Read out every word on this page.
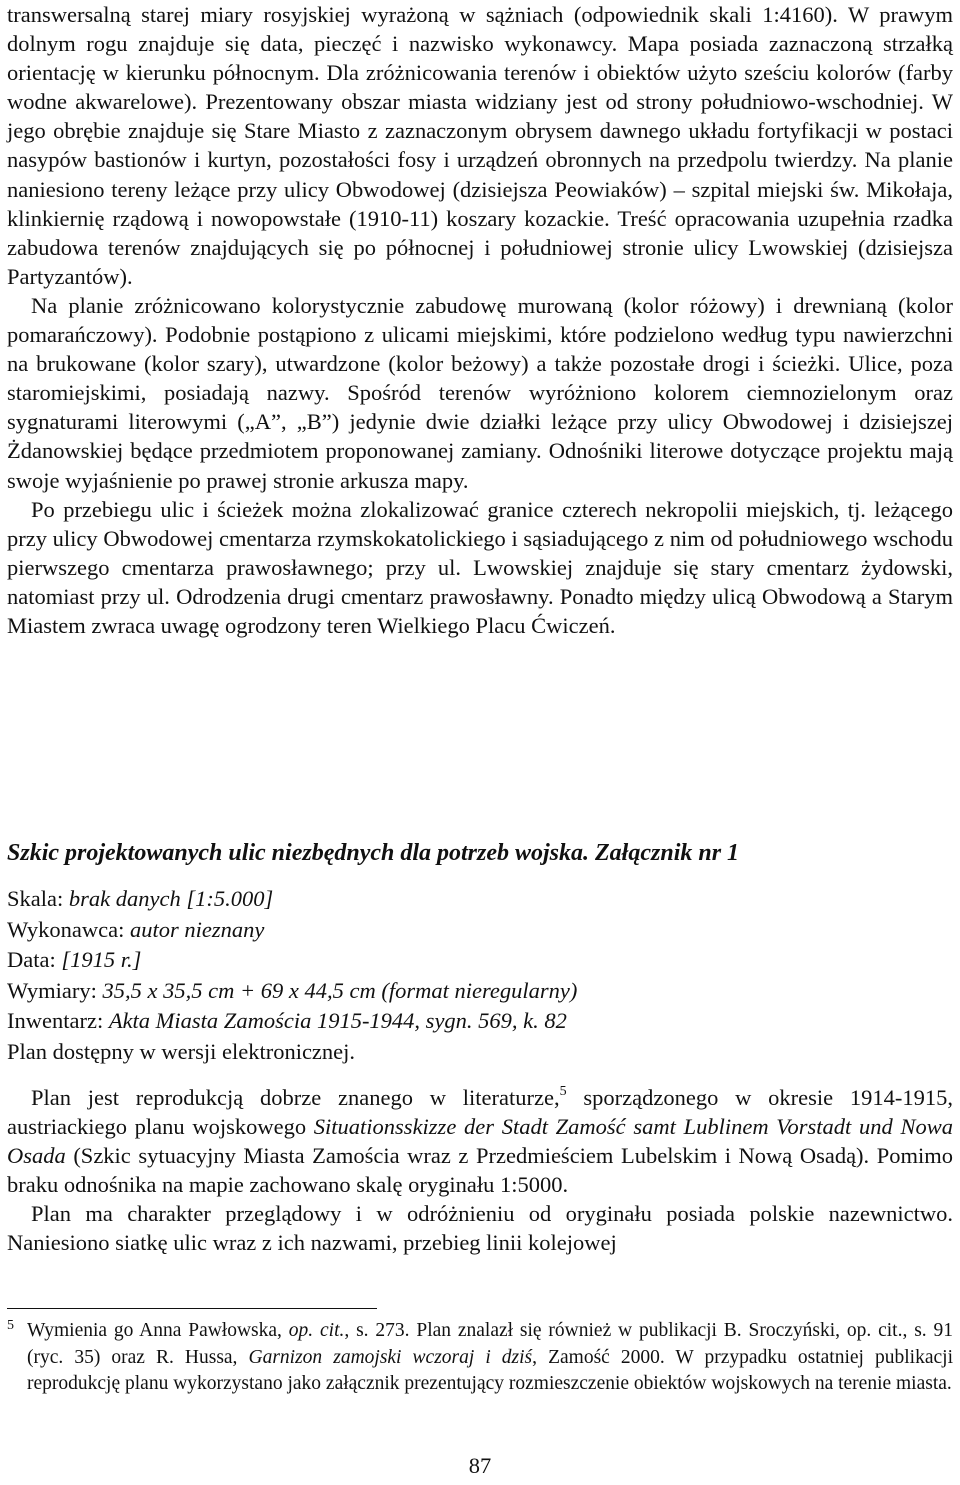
transwersalną starej miary rosyjskiej wyrażoną w sążniach (odpowiednik skali 1:4160). W prawym dolnym rogu znajduje się data, pieczęć i nazwisko wykonawcy. Mapa posiada zaznaczoną strzałką orientację w kierunku północnym. Dla zróżnicowania terenów i obiektów użyto sześciu kolorów (farby wodne akwarelowe). Prezentowany obszar miasta widziany jest od strony południowo-wschodniej. W jego obrębie znajduje się Stare Miasto z zaznaczonym obrysem dawnego układu fortyfikacji w postaci nasypów bastionów i kurtyn, pozostałości fosy i urządzeń obronnych na przedpolu twierdzy. Na planie naniesiono tereny leżące przy ulicy Obwodowej (dzisiejsza Peowiaków) – szpital miejski św. Mikołaja, klinkiernię rządową i nowopowstałe (1910-11) koszary kozackie. Treść opracowania uzupełnia rzadka zabudowa terenów znajdujących się po północnej i południowej stronie ulicy Lwowskiej (dzisiejsza Partyzantów).

Na planie zróżnicowano kolorystycznie zabudowę murowaną (kolor różowy) i drewnianą (kolor pomarańczowy). Podobnie postąpiono z ulicami miejskimi, które podzielono według typu nawierzchni na brukowane (kolor szary), utwardzone (kolor beżowy) a także pozostałe drogi i ścieżki. Ulice, poza staromiejskimi, posiadają nazwy. Spośród terenów wyróżniono kolorem ciemnozielonym oraz sygnaturami literowymi („A”, „B”) jedynie dwie działki leżące przy ulicy Obwodowej i dzisiejszej Żdanowskiej będące przedmiotem proponowanej zamiany. Odnośniki literowe dotyczące projektu mają swoje wyjaśnienie po prawej stronie arkusza mapy.

Po przebiegu ulic i ścieżek można zlokalizować granice czterech nekropolii miejskich, tj. leżącego przy ulicy Obwodowej cmentarza rzymskokatolickiego i sąsiadującego z nim od południowego wschodu pierwszego cmentarza prawosławnego; przy ul. Lwowskiej znajduje się stary cmentarz żydowski, natomiast przy ul. Odrodzenia drugi cmentarz prawosławny. Ponadto między ulicą Obwodową a Starym Miastem zwraca uwagę ogrodzony teren Wielkiego Placu Ćwiczeń.

Szkic projektowanych ulic niezbędnych dla potrzeb wojska. Załącznik nr 1
Skala: brak danych [1:5.000]
Wykonawca: autor nieznany
Data: [1915 r.]
Wymiary: 35,5 x 35,5 cm + 69 x 44,5 cm (format nieregularny)
Inwentarz: Akta Miasta Zamościa 1915-1944, sygn. 569, k. 82
Plan dostępny w wersji elektronicznej.

Plan jest reprodukcją dobrze znanego w literaturze,$^5$ sporządzonego w okresie 1914-1915, austriackiego planu wojskowego Situationsskizze der Stadt Zamość samt Lublinem Vorstadt und Nowa Osada (Szkic sytuacyjny Miasta Zamościa wraz z Przedmieściem Lubelskim i Nową Osadą). Pomimo braku odnośnika na mapie zachowano skalę oryginału 1:5000.

Plan ma charakter przeglądowy i w odróżnieniu od oryginału posiada polskie nazewnictwo. Naniesiono siatkę ulic wraz z ich nazwami, przebieg linii kolejowej

5 Wymienia go Anna Pawłowska, op. cit., s. 273. Plan znalazł się również w publikacji B. Sroczyński, op. cit., s. 91 (ryc. 35) oraz R. Hussa, Garnizon zamojski wczoraj i dziś, Zamość 2000. W przypadku ostatniej publikacji reprodukcję planu wykorzystano jako załącznik prezentujący rozmieszczenie obiektów wojskowych na terenie miasta.
87
